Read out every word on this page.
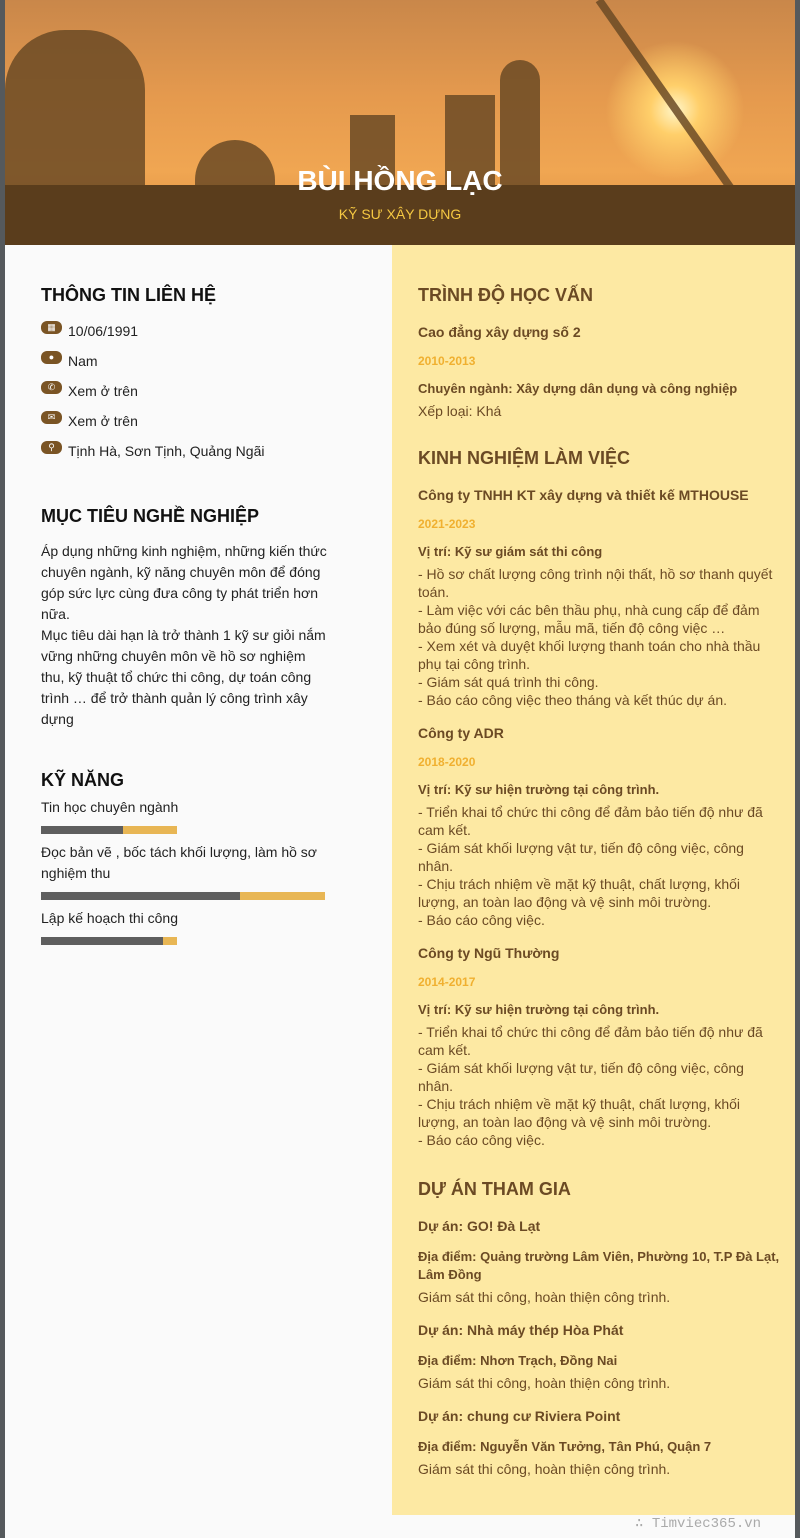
BÙI HỒNG LẠC
KỸ SƯ XÂY DỰNG
THÔNG TIN LIÊN HỆ
▦ 10/06/1991
● Nam
✆ Xem ở trên
✉ Xem ở trên
⚲ Tịnh Hà, Sơn Tịnh, Quảng Ngãi
MỤC TIÊU NGHỀ NGHIỆP
Áp dụng những kinh nghiệm, những kiến thức chuyên ngành, kỹ năng chuyên môn để đóng góp sức lực cùng đưa công ty phát triển hơn nữa.
Mục tiêu dài hạn là trở thành 1 kỹ sư giỏi nắm vững những chuyên môn về hồ sơ nghiệm thu, kỹ thuật tổ chức thi công, dự toán công trình … để trở thành quản lý công trình xây dựng
KỸ NĂNG
Tin học chuyên ngành
Đọc bản vẽ , bốc tách khối lượng, làm hồ sơ nghiệm thu
Lập kế hoạch thi công
TRÌNH ĐỘ HỌC VẤN
Cao đẳng xây dựng số 2
2010-2013
Chuyên ngành: Xây dựng dân dụng và công nghiệp
Xếp loại: Khá
KINH NGHIỆM LÀM VIỆC
Công ty TNHH KT xây dựng và thiết kế MTHOUSE
2021-2023
Vị trí: Kỹ sư giám sát thi công
- Hồ sơ chất lượng công trình nội thất, hồ sơ thanh quyết toán.
- Làm việc với các bên thầu phụ, nhà cung cấp để đảm bảo đúng số lượng, mẫu mã, tiến độ công việc …
- Xem xét và duyệt khối lượng thanh toán cho nhà thầu phụ tại công trình.
- Giám sát quá trình thi công.
- Báo cáo công việc theo tháng và kết thúc dự án.
Công ty ADR
2018-2020
Vị trí: Kỹ sư hiện trường tại công trình.
- Triển khai tổ chức thi công để đảm bảo tiến độ như đã cam kết.
- Giám sát khối lượng vật tư, tiến độ công việc, công nhân.
- Chịu trách nhiệm về mặt kỹ thuật, chất lượng, khối lượng, an toàn lao động và vệ sinh môi trường.
- Báo cáo công việc.
Công ty Ngũ Thường
2014-2017
Vị trí: Kỹ sư hiện trường tại công trình.
- Triển khai tổ chức thi công để đảm bảo tiến độ như đã cam kết.
- Giám sát khối lượng vật tư, tiến độ công việc, công nhân.
- Chịu trách nhiệm về mặt kỹ thuật, chất lượng, khối lượng, an toàn lao động và vệ sinh môi trường.
- Báo cáo công việc.
DỰ ÁN THAM GIA
Dự án: GO! Đà Lạt
Địa điểm: Quảng trường Lâm Viên, Phường 10, T.P Đà Lạt, Lâm Đồng
Giám sát thi công, hoàn thiện công trình.
Dự án: Nhà máy thép Hòa Phát
Địa điểm: Nhơn Trạch, Đồng Nai
Giám sát thi công, hoàn thiện công trình.
Dự án: chung cư Riviera Point
Địa điểm: Nguyễn Văn Tưởng, Tân Phú, Quận 7
Giám sát thi công, hoàn thiện công trình.
∴ Timviec365.vn
